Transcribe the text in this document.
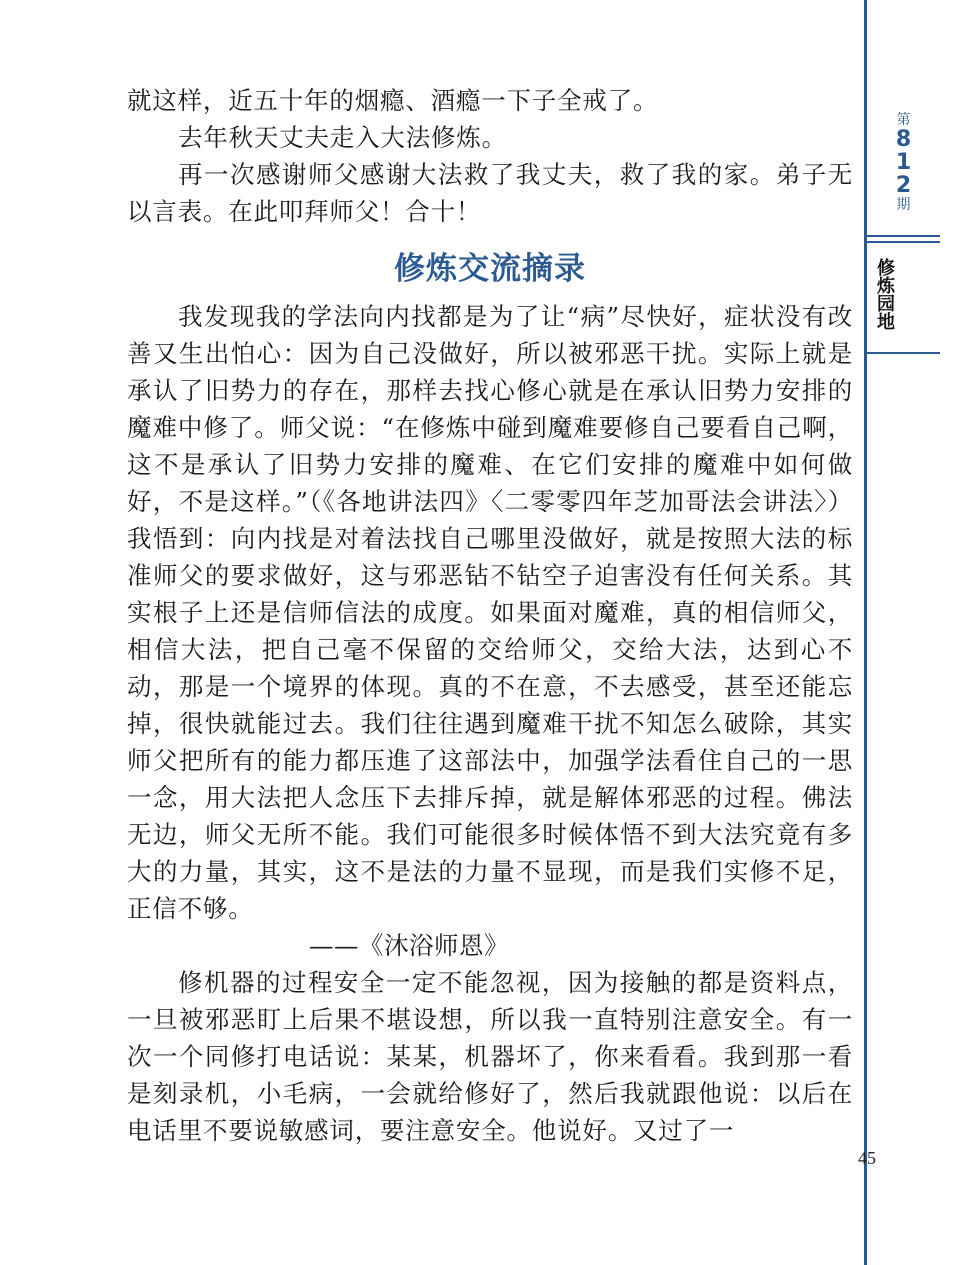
第
8
1
2
期
修炼园地
45

就这样，近五十年的烟瘾、酒瘾一下子全戒了。

去年秋天丈夫走入大法修炼。

再一次感谢师父感谢大法救了我丈夫，救了我的家。弟子无以言表。在此叩拜师父！合十！

修炼交流摘录

我发现我的学法向内找都是为了让“病”尽快好，症状没有改善又生出怕心：因为自己没做好，所以被邪恶干扰。实际上就是承认了旧势力的存在，那样去找心修心就是在承认旧势力安排的魔难中修了。师父说：“在修炼中碰到魔难要修自己要看自己啊，这不是承认了旧势力安排的魔难、在它们安排的魔难中如何做好，不是这样。”（《各地讲法四》〈二零零四年芝加哥法会讲法〉）我悟到：向内找是对着法找自己哪里没做好，就是按照大法的标准师父的要求做好，这与邪恶钻不钻空子迫害没有任何关系。其实根子上还是信师信法的成度。如果面对魔难，真的相信师父，相信大法，把自己毫不保留的交给师父，交给大法，达到心不动，那是一个境界的体现。真的不在意，不去感受，甚至还能忘掉，很快就能过去。我们往往遇到魔难干扰不知怎么破除，其实师父把所有的能力都压進了这部法中，加强学法看住自己的一思一念，用大法把人念压下去排斥掉，就是解体邪恶的过程。佛法无边，师父无所不能。我们可能很多时候体悟不到大法究竟有多大的力量，其实，这不是法的力量不显现，而是我们实修不足，正信不够。

——《沐浴师恩》

修机器的过程安全一定不能忽视，因为接触的都是资料点，一旦被邪恶盯上后果不堪设想，所以我一直特别注意安全。有一次一个同修打电话说：某某，机器坏了，你来看看。我到那一看是刻录机，小毛病，一会就给修好了，然后我就跟他说：以后在电话里不要说敏感词，要注意安全。他说好。又过了一
